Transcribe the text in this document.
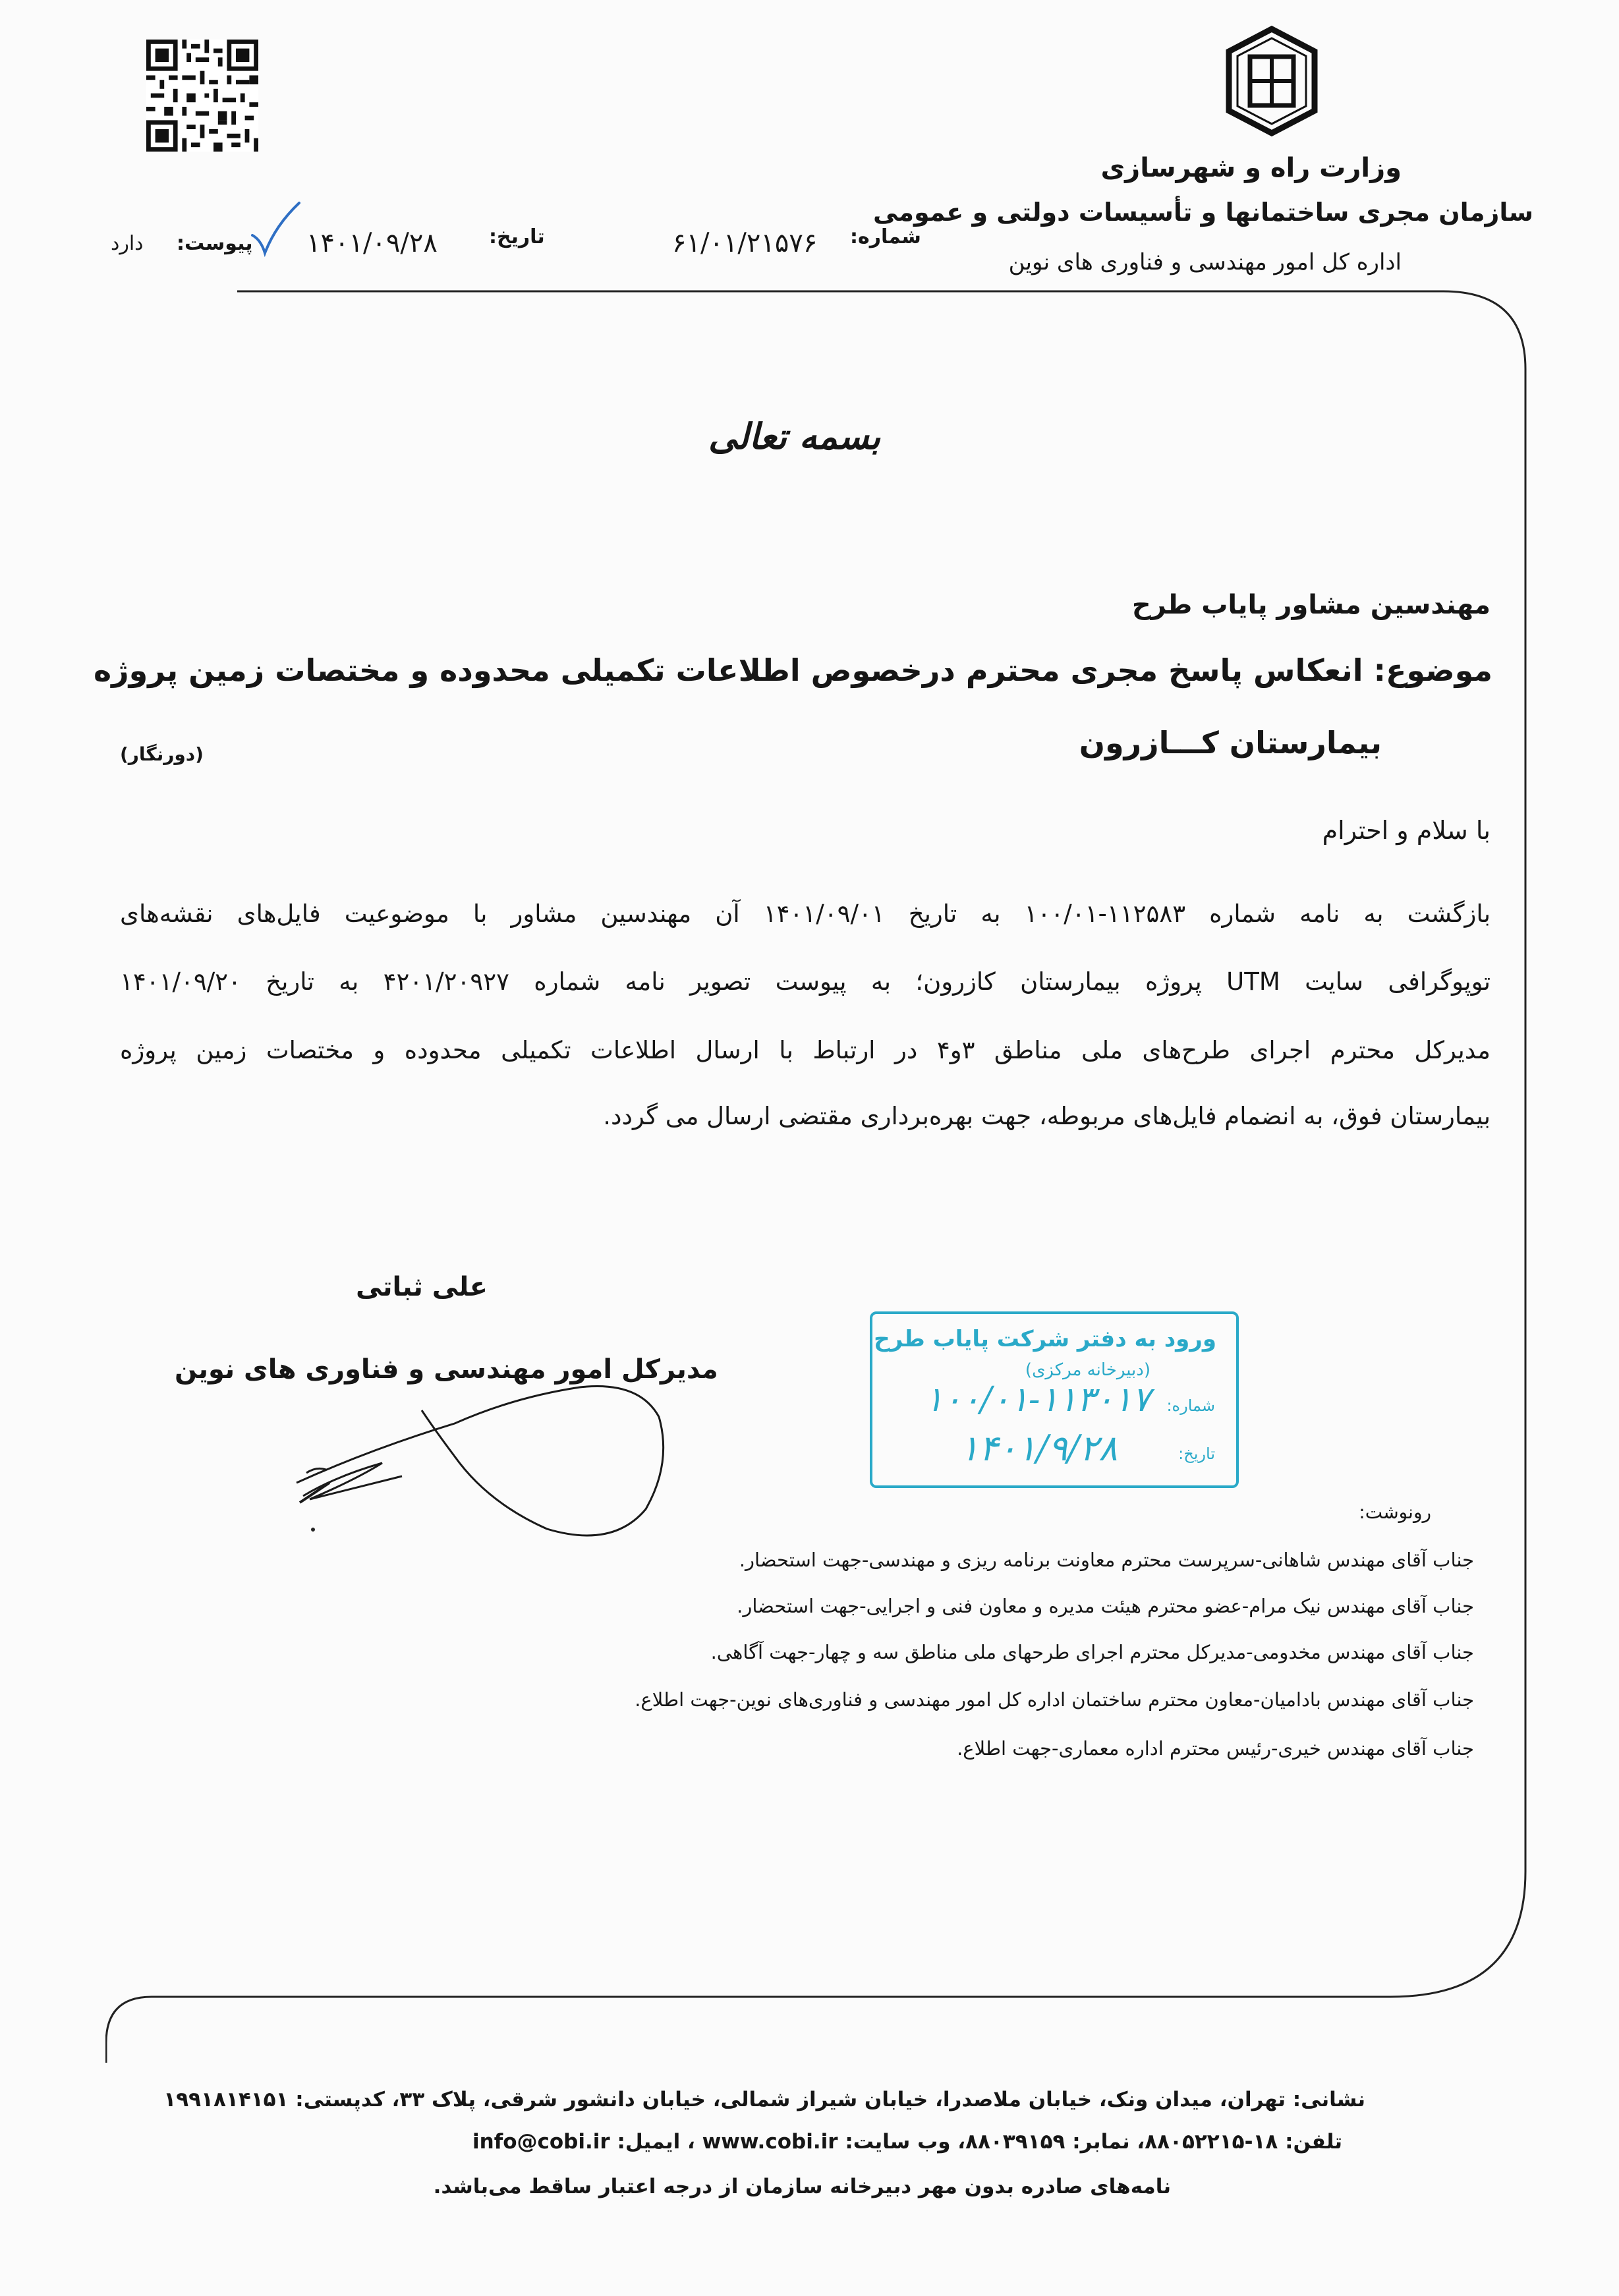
وزارت راه و شهرسازی
سازمان مجری ساختمانها و تأسیسات دولتی و عمومی
اداره کل امور مهندسی و فناوری های نوین
شماره:
۶۱/۰۱/۲۱۵۷۶
تاریخ:
۱۴۰۱/۰۹/۲۸
پیوست:
دارد
بسمه تعالی
مهندسین مشاور پایاب طرح
موضوع: انعکاس پاسخ مجری محترم درخصوص اطلاعات تکمیلی محدوده و مختصات زمین پروژه
بیمارستان کـــازرون
(دورنگار)
با سلام و احترام
بازگشت به نامه شماره ۱۱۲۵۸۳-۱۰۰/۰۱ به تاریخ ۱۴۰۱/۰۹/۰۱ آن مهندسین مشاور با موضوعیت فایل‌های نقشه‌های
توپوگرافی سایت UTM پروژه بیمارستان کازرون؛ به پیوست تصویر نامه شماره ۴۲۰۱/۲۰۹۲۷ به تاریخ ۱۴۰۱/۰۹/۲۰
مدیرکل محترم اجرای طرح‌های ملی مناطق ۳و۴ در ارتباط با ارسال اطلاعات تکمیلی محدوده و مختصات زمین پروژه
بیمارستان فوق، به انضمام فایل‌های مربوطه، جهت بهره‌برداری مقتضی ارسال می گردد.
علی ثباتی
مدیرکل امور مهندسی و فناوری های نوین
ورود به دفتر شرکت پایاب طرح
(دبیرخانه مرکزی)
شماره:
۱۰۰/۰۱-۱۱۳۰۱۷
تاریخ:
۱۴۰۱/۹/۲۸
رونوشت:
جناب آقای مهندس شاهانی-سرپرست محترم معاونت برنامه ریزی و مهندسی-جهت استحضار.
جناب آقای مهندس نیک مرام-عضو محترم هیئت مدیره و معاون فنی و اجرایی-جهت استحضار.
جناب آقای مهندس مخدومی-مدیرکل محترم اجرای طرحهای ملی مناطق سه و چهار-جهت آگاهی.
جناب آقای مهندس بادامیان-معاون محترم ساختمان اداره کل امور مهندسی و فناوری‌های نوین-جهت اطلاع.
جناب آقای مهندس خیری-رئیس محترم اداره معماری-جهت اطلاع.
نشانی: تهران، میدان ونک، خیابان ملاصدرا، خیابان شیراز شمالی، خیابان دانشور شرقی، پلاک ۳۳، کدپستی: ۱۹۹۱۸۱۴۱۵۱
تلفن: ۱۸-۸۸۰۵۲۲۱۵، نمابر: ۸۸۰۳۹۱۵۹، وب سایت: www.cobi.ir ، ایمیل: info@cobi.ir
نامه‌های صادره بدون مهر دبیرخانه سازمان از درجه اعتبار ساقط می‌باشد.
